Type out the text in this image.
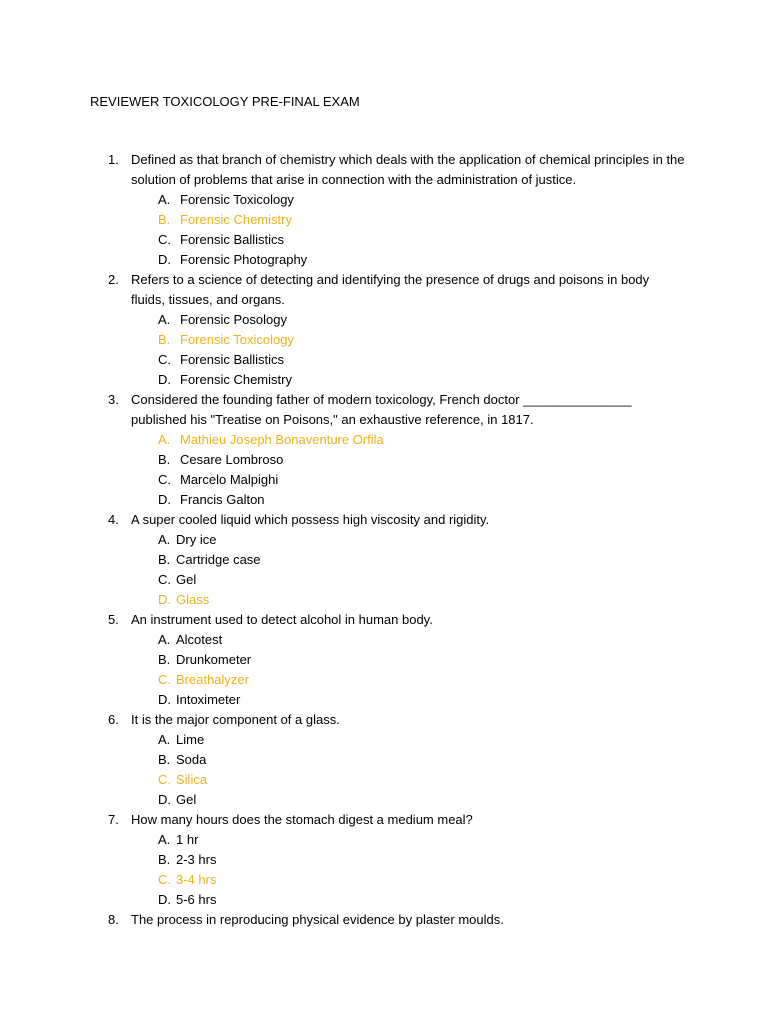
REVIEWER TOXICOLOGY PRE-FINAL EXAM
1. Defined as that branch of chemistry which deals with the application of chemical principles in the solution of problems that arise in connection with the administration of justice.
A. Forensic Toxicology
B. Forensic Chemistry
C. Forensic Ballistics
D. Forensic Photography
2. Refers to a science of detecting and identifying the presence of drugs and poisons in body fluids, tissues, and organs.
A. Forensic Posology
B. Forensic Toxicology
C. Forensic Ballistics
D. Forensic Chemistry
3. Considered the founding father of modern toxicology, French doctor _______________ published his "Treatise on Poisons," an exhaustive reference, in 1817.
A. Mathieu Joseph Bonaventure Orfila
B. Cesare Lombroso
C. Marcelo Malpighi
D. Francis Galton
4. A super cooled liquid which possess high viscosity and rigidity.
A. Dry ice
B. Cartridge case
C. Gel
D. Glass
5. An instrument used to detect alcohol in human body.
A. Alcotest
B. Drunkometer
C. Breathalyzer
D. Intoximeter
6. It is the major component of a glass.
A. Lime
B. Soda
C. Silica
D. Gel
7. How many hours does the stomach digest a medium meal?
A. 1 hr
B. 2-3 hrs
C. 3-4 hrs
D. 5-6 hrs
8. The process in reproducing physical evidence by plaster moulds.
